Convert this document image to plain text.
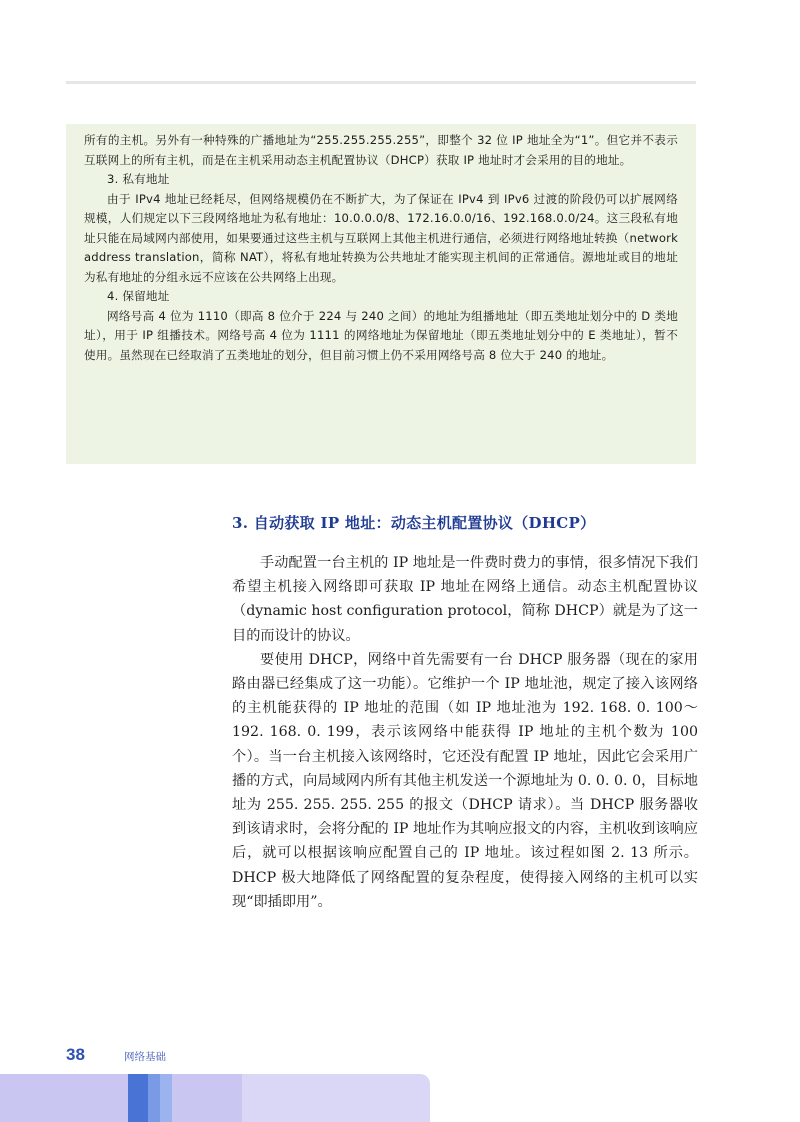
所有的主机。另外有一种特殊的广播地址为“255.255.255.255”，即整个 32 位 IP 地址全为“1”。但它并不表示互联网上的所有主机，而是在主机采用动态主机配置协议（DHCP）获取 IP 地址时才会采用的目的地址。

3. 私有地址

由于 IPv4 地址已经耗尽，但网络规模仍在不断扩大，为了保证在 IPv4 到 IPv6 过渡的阶段仍可以扩展网络规模，人们规定以下三段网络地址为私有地址：10.0.0.0/8、172.16.0.0/16、192.168.0.0/24。这三段私有地址只能在局域网内部使用，如果要通过这些主机与互联网上其他主机进行通信，必须进行网络地址转换（network address translation，简称 NAT），将私有地址转换为公共地址才能实现主机间的正常通信。源地址或目的地址为私有地址的分组永远不应该在公共网络上出现。

4. 保留地址

网络号高 4 位为 1110（即高 8 位介于 224 与 240 之间）的地址为组播地址（即五类地址划分中的 D 类地址），用于 IP 组播技术。网络号高 4 位为 1111 的网络地址为保留地址（即五类地址划分中的 E 类地址），暂不使用。虽然现在已经取消了五类地址的划分，但目前习惯上仍不采用网络号高 8 位大于 240 的地址。

3. 自动获取 IP 地址：动态主机配置协议（DHCP）

手动配置一台主机的 IP 地址是一件费时费力的事情，很多情况下我们希望主机接入网络即可获取 IP 地址在网络上通信。动态主机配置协议（dynamic host configuration protocol，简称 DHCP）就是为了这一目的而设计的协议。

要使用 DHCP，网络中首先需要有一台 DHCP 服务器（现在的家用路由器已经集成了这一功能）。它维护一个 IP 地址池，规定了接入该网络的主机能获得的 IP 地址的范围（如 IP 地址池为 192. 168. 0. 100～192. 168. 0. 199，表示该网络中能获得 IP 地址的主机个数为 100 个）。当一台主机接入该网络时，它还没有配置 IP 地址，因此它会采用广播的方式，向局域网内所有其他主机发送一个源地址为 0. 0. 0. 0，目标地址为 255. 255. 255. 255 的报文（DHCP 请求）。当 DHCP 服务器收到该请求时，会将分配的 IP 地址作为其响应报文的内容，主机收到该响应后，就可以根据该响应配置自己的 IP 地址。该过程如图 2. 13 所示。DHCP 极大地降低了网络配置的复杂程度，使得接入网络的主机可以实现“即插即用”。

38	网络基础
